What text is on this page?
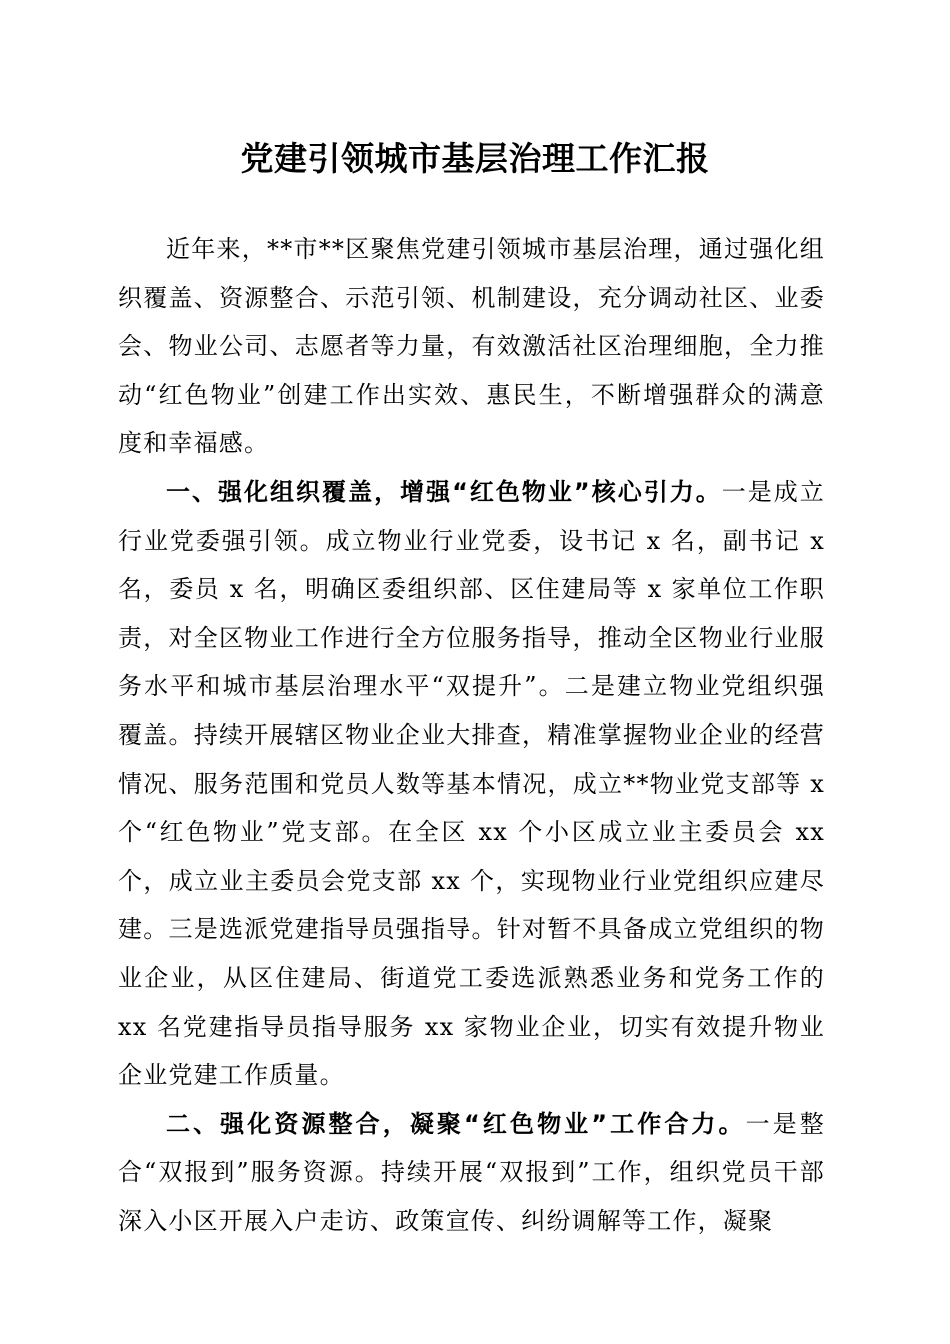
党建引领城市基层治理工作汇报

近年来，**市**区聚焦党建引领城市基层治理，通过强化组织覆盖、资源整合、示范引领、机制建设，充分调动社区、业委会、物业公司、志愿者等力量，有效激活社区治理细胞，全力推动“红色物业”创建工作出实效、惠民生，不断增强群众的满意度和幸福感。

一、强化组织覆盖，增强“红色物业”核心引力。一是成立行业党委强引领。成立物业行业党委，设书记 x 名，副书记 x 名，委员 x 名，明确区委组织部、区住建局等 x 家单位工作职责，对全区物业工作进行全方位服务指导，推动全区物业行业服务水平和城市基层治理水平“双提升”。二是建立物业党组织强覆盖。持续开展辖区物业企业大排查，精准掌握物业企业的经营情况、服务范围和党员人数等基本情况，成立**物业党支部等 x 个“红色物业”党支部。在全区 xx 个小区成立业主委员会 xx 个，成立业主委员会党支部 xx 个，实现物业行业党组织应建尽建。三是选派党建指导员强指导。针对暂不具备成立党组织的物业企业，从区住建局、街道党工委选派熟悉业务和党务工作的 xx 名党建指导员指导服务 xx 家物业企业，切实有效提升物业企业党建工作质量。

二、强化资源整合，凝聚“红色物业”工作合力。一是整合“双报到”服务资源。持续开展“双报到”工作，组织党员干部深入小区开展入户走访、政策宣传、纠纷调解等工作，凝聚
